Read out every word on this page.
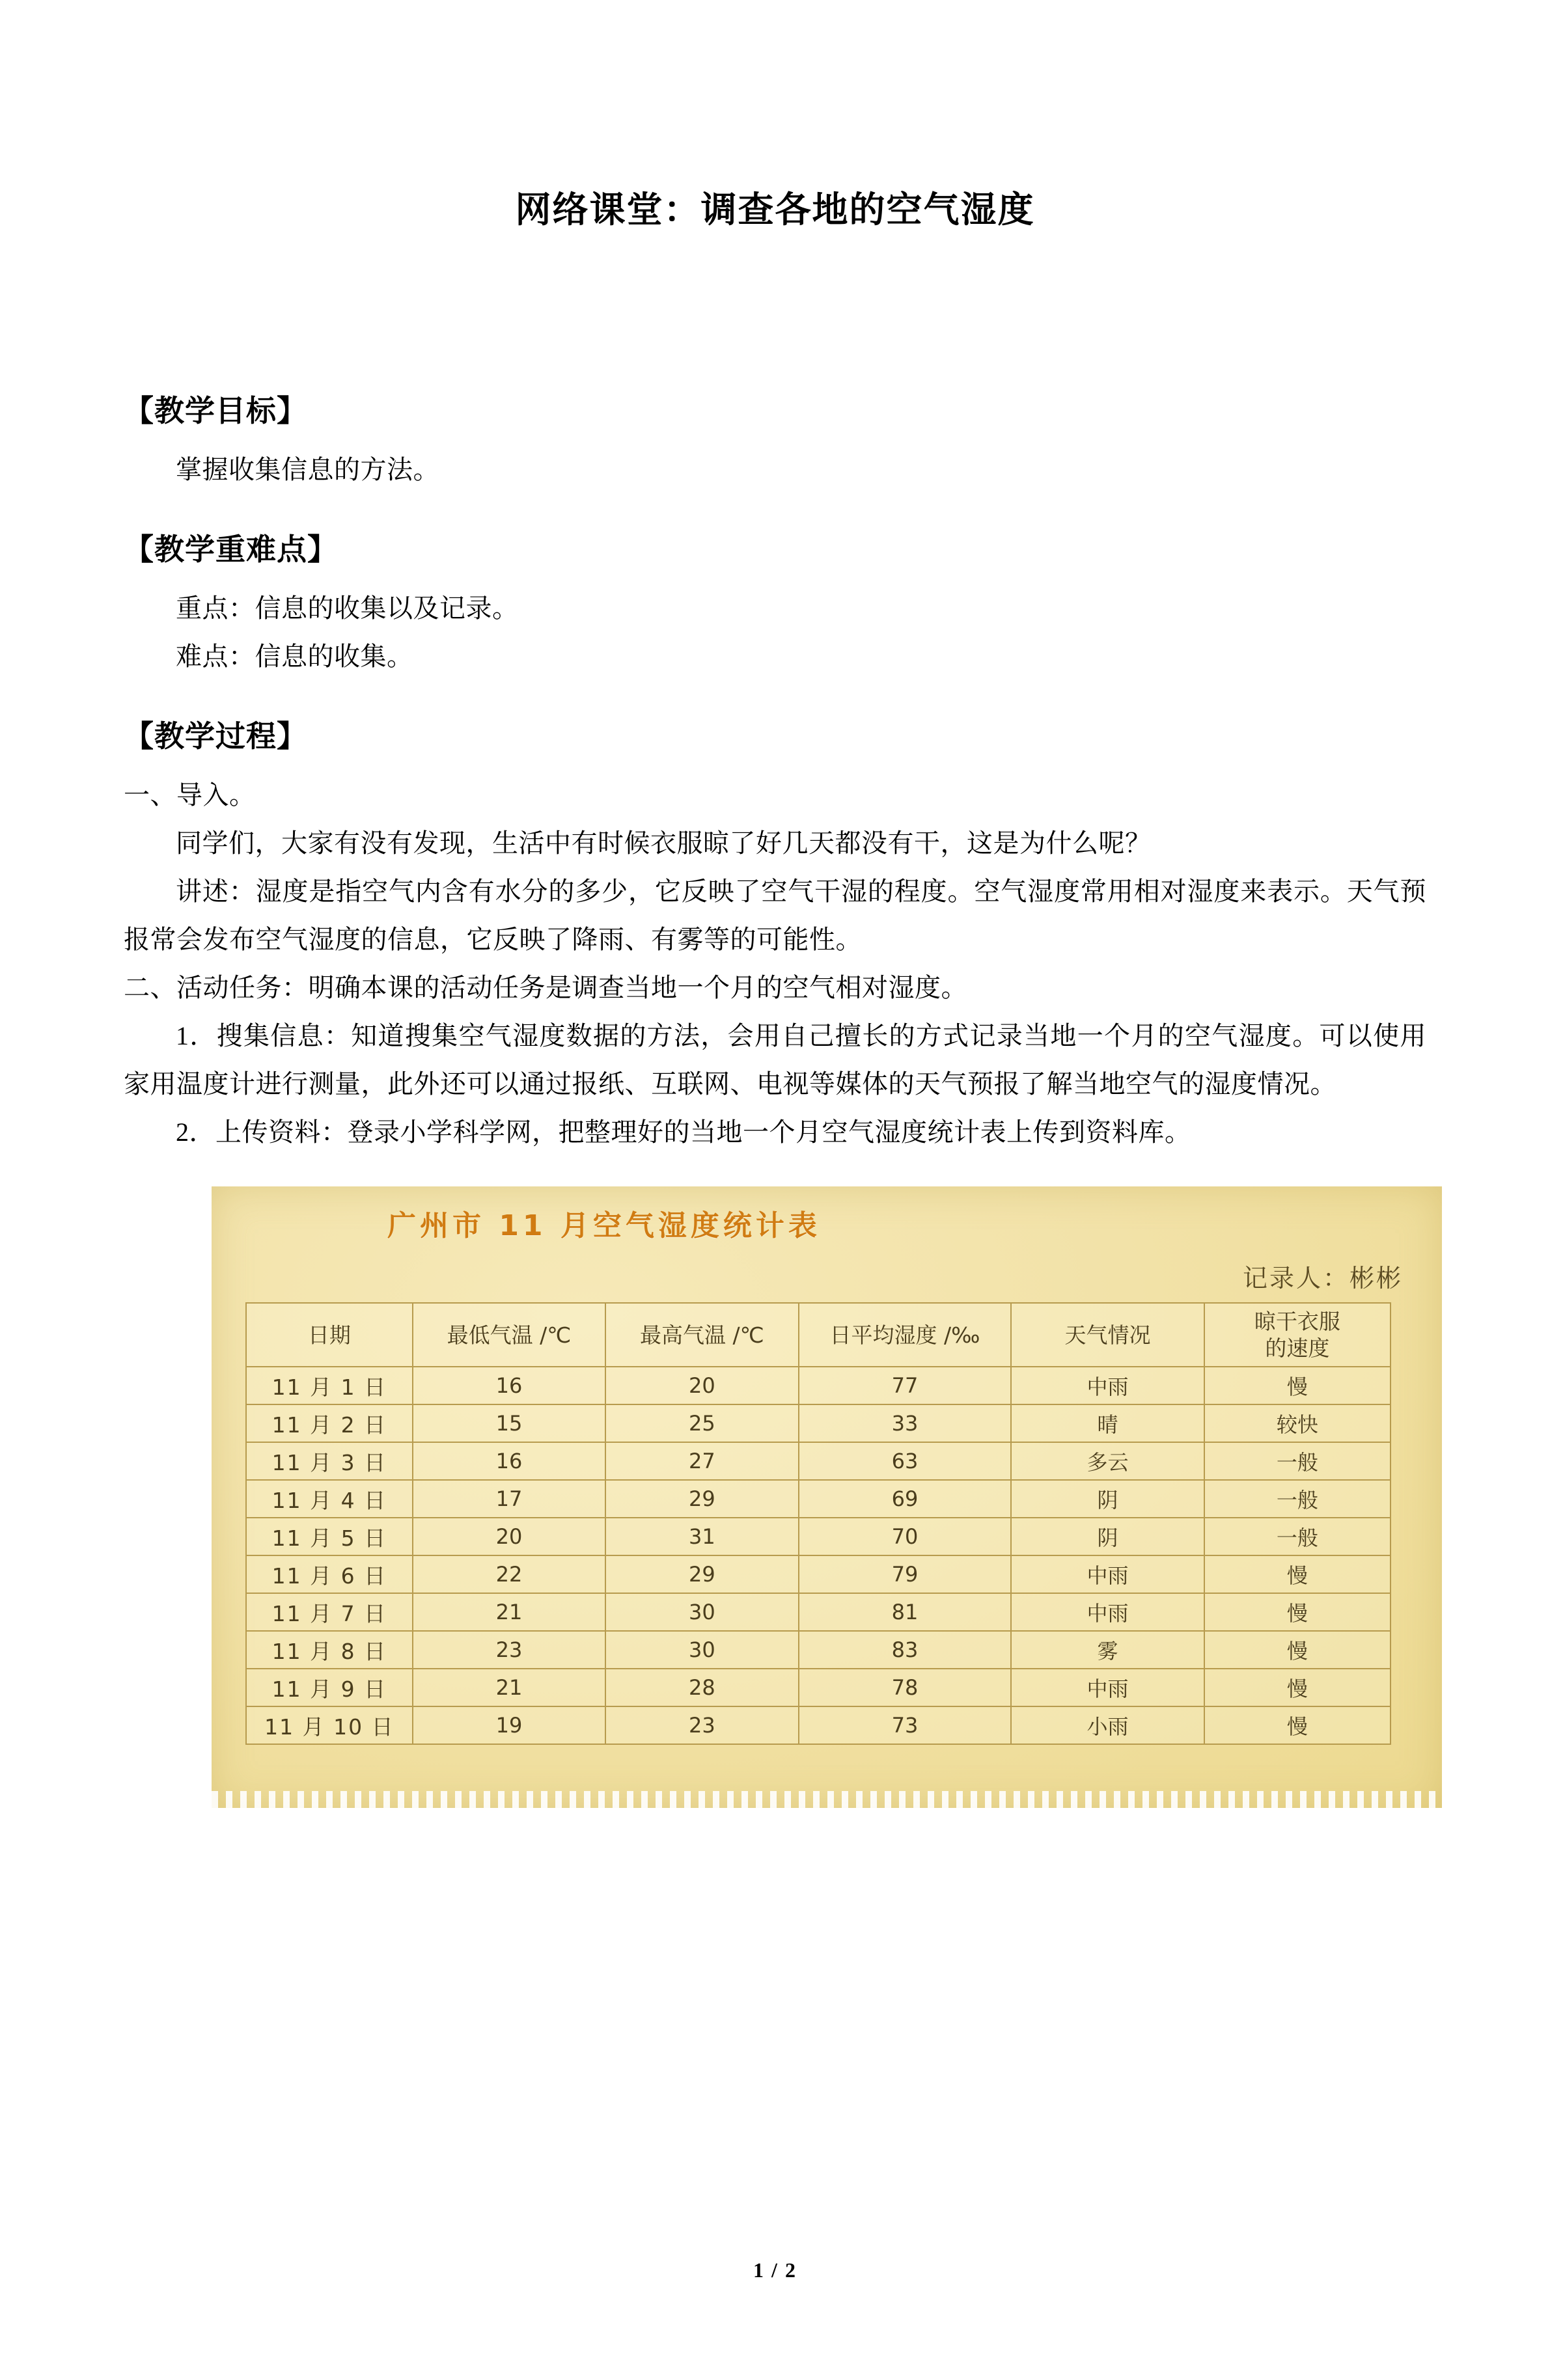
网络课堂：调查各地的空气湿度

【教学目标】

掌握收集信息的方法。

【教学重难点】

重点：信息的收集以及记录。

难点：信息的收集。

【教学过程】

一、导入。

同学们，大家有没有发现，生活中有时候衣服晾了好几天都没有干，这是为什么呢？

讲述：湿度是指空气内含有水分的多少，它反映了空气干湿的程度。空气湿度常用相对湿度来表示。天气预报常会发布空气湿度的信息，它反映了降雨、有雾等的可能性。

二、活动任务：明确本课的活动任务是调查当地一个月的空气相对湿度。

1．搜集信息：知道搜集空气湿度数据的方法，会用自己擅长的方式记录当地一个月的空气湿度。可以使用家用温度计进行测量，此外还可以通过报纸、互联网、电视等媒体的天气预报了解当地空气的湿度情况。

2．上传资料：登录小学科学网，把整理好的当地一个月空气湿度统计表上传到资料库。

广州市 11 月空气湿度统计表
记录人：彬彬
日期	最低气温 /℃	最高气温 /℃	日平均湿度 /‰	天气情况	晾干衣服
的速度

11 月 1 日	16	20	77	中雨	慢
11 月 2 日	15	25	33	晴	较快
11 月 3 日	16	27	63	多云	一般
11 月 4 日	17	29	69	阴	一般
11 月 5 日	20	31	70	阴	一般
11 月 6 日	22	29	79	中雨	慢
11 月 7 日	21	30	81	中雨	慢
11 月 8 日	23	30	83	雾	慢
11 月 9 日	21	28	78	中雨	慢
11 月 10 日	19	23	73	小雨	慢
1 / 2
